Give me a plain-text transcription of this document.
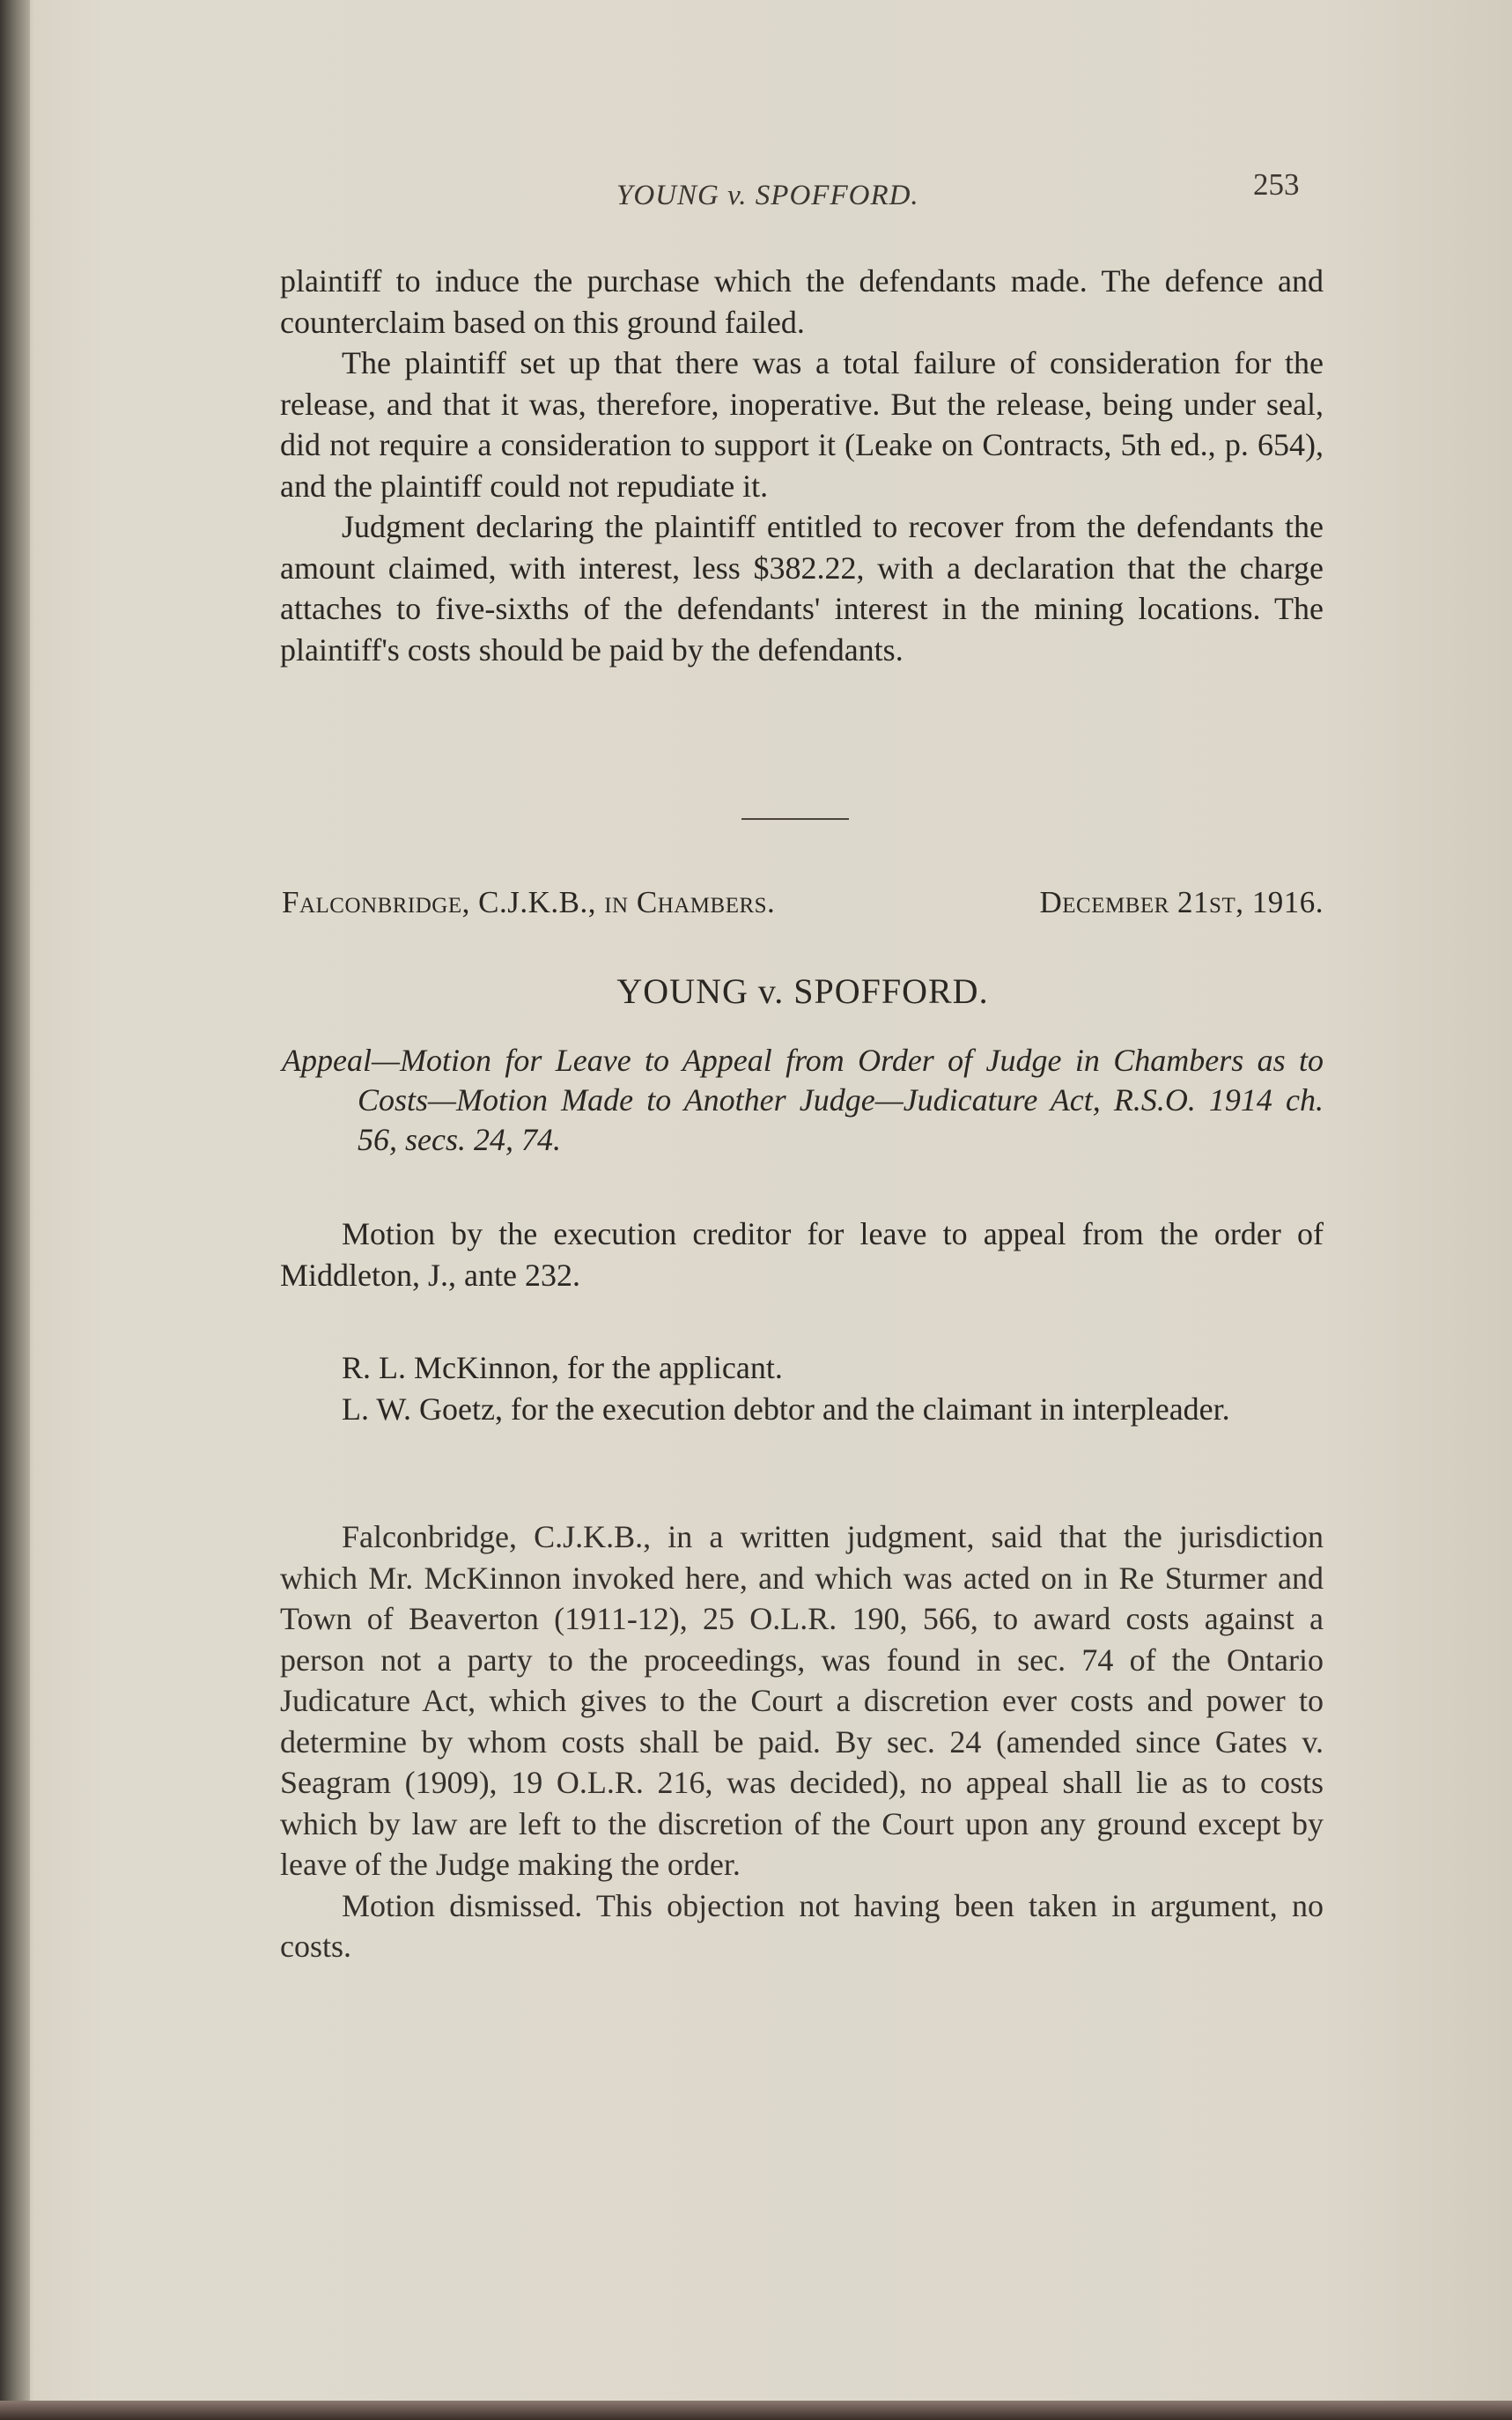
YOUNG v. SPOFFORD.	253

plaintiff to induce the purchase which the defendants made. The defence and counterclaim based on this ground failed.

The plaintiff set up that there was a total failure of consideration for the release, and that it was, therefore, inoperative. But the release, being under seal, did not require a consideration to support it (Leake on Contracts, 5th ed., p. 654), and the plaintiff could not repudiate it.

Judgment declaring the plaintiff entitled to recover from the defendants the amount claimed, with interest, less $382.22, with a declaration that the charge attaches to five-sixths of the defendants' interest in the mining locations. The plaintiff's costs should be paid by the defendants.

Falconbridge, C.J.K.B., in Chambers.	December 21st, 1916.
YOUNG v. SPOFFORD.
Appeal—Motion for Leave to Appeal from Order of Judge in Chambers as to Costs—Motion Made to Another Judge—Judicature Act, R.S.O. 1914 ch. 56, secs. 24, 74.

Motion by the execution creditor for leave to appeal from the order of Middleton, J., ante 232.

R. L. McKinnon, for the applicant.

L. W. Goetz, for the execution debtor and the claimant in interpleader.

Falconbridge, C.J.K.B., in a written judgment, said that the jurisdiction which Mr. McKinnon invoked here, and which was acted on in Re Sturmer and Town of Beaverton (1911-12), 25 O.L.R. 190, 566, to award costs against a person not a party to the proceedings, was found in sec. 74 of the Ontario Judicature Act, which gives to the Court a discretion ever costs and power to determine by whom costs shall be paid. By sec. 24 (amended since Gates v. Seagram (1909), 19 O.L.R. 216, was decided), no appeal shall lie as to costs which by law are left to the discretion of the Court upon any ground except by leave of the Judge making the order.

Motion dismissed. This objection not having been taken in argument, no costs.
